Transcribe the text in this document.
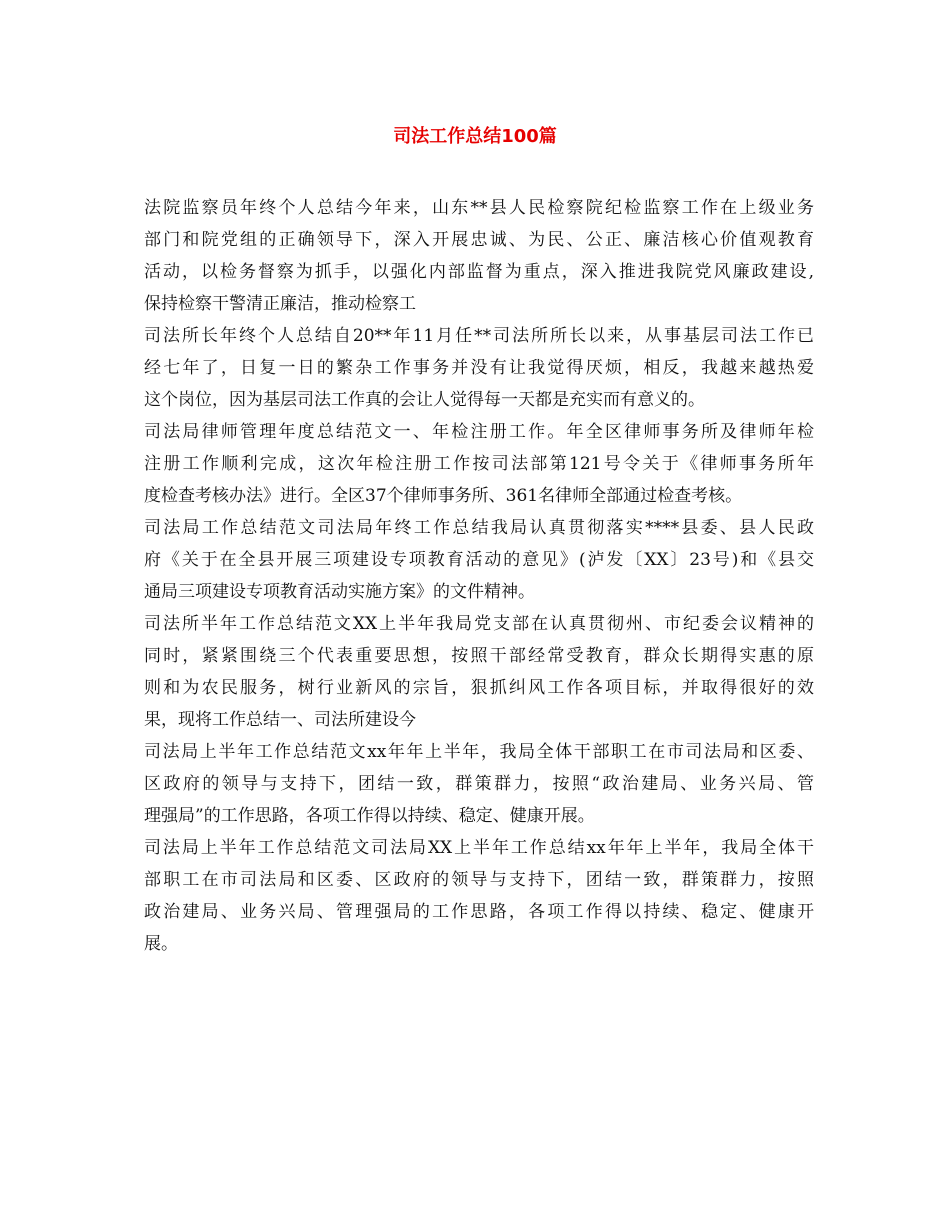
司法工作总结100篇
法院监察员年终个人总结今年来，山东**县人民检察院纪检监察工作在上级业务
部门和院党组的正确领导下，深入开展忠诚、为民、公正、廉洁核心价值观教育
活动，以检务督察为抓手，以强化内部监督为重点，深入推进我院党风廉政建设,
保持检察干警清正廉洁，推动检察工
司法所长年终个人总结自20**年11月任**司法所所长以来，从事基层司法工作已
经七年了，日复一日的繁杂工作事务并没有让我觉得厌烦，相反，我越来越热爱
这个岗位，因为基层司法工作真的会让人觉得每一天都是充实而有意义的。
司法局律师管理年度总结范文一、年检注册工作。年全区律师事务所及律师年检
注册工作顺利完成，这次年检注册工作按司法部第121号令关于《律师事务所年
度检查考核办法》进行。全区37个律师事务所、361名律师全部通过检查考核。
司法局工作总结范文司法局年终工作总结我局认真贯彻落实****县委、县人民政
府《关于在全县开展三项建设专项教育活动的意见》(泸发〔XX〕23号)和《县交
通局三项建设专项教育活动实施方案》的文件精神。
司法所半年工作总结范文XX上半年我局党支部在认真贯彻州、市纪委会议精神的
同时，紧紧围绕三个代表重要思想，按照干部经常受教育，群众长期得实惠的原
则和为农民服务，树行业新风的宗旨，狠抓纠风工作各项目标，并取得很好的效
果，现将工作总结一、司法所建设今
司法局上半年工作总结范文xx年年上半年，我局全体干部职工在市司法局和区委、
区政府的领导与支持下，团结一致，群策群力，按照“政治建局、业务兴局、管
理强局”的工作思路，各项工作得以持续、稳定、健康开展。
司法局上半年工作总结范文司法局XX上半年工作总结xx年年上半年，我局全体干
部职工在市司法局和区委、区政府的领导与支持下，团结一致，群策群力，按照
政治建局、业务兴局、管理强局的工作思路，各项工作得以持续、稳定、健康开
展。
